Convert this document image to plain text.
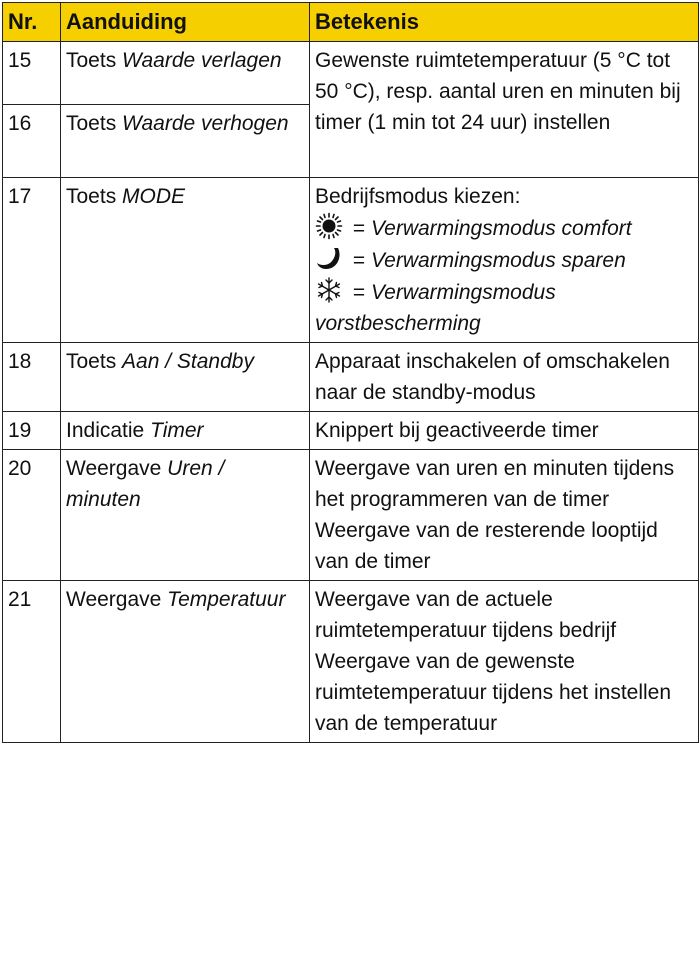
Nr.	Aanduiding	Betekenis
15	Toets Waarde verlagen	Gewenste ruimtetemperatuur (5 °C tot 50 °C), resp. aantal uren en minuten bij timer (1 min tot 24 uur) instellen
16	Toets Waarde verhogen	
17	Toets MODE	Bedrijfsmodus kiezen:
= Verwarmingsmodus comfort
= Verwarmingsmodus sparen
= Verwarmingsmodus vorstbescherming

18	Toets Aan / Standby	Apparaat inschakelen of omschakelen naar de standby-modus
19	Indicatie Timer	Knippert bij geactiveerde timer
20	Weergave Uren / minuten	Weergave van uren en minuten tijdens het programmeren van de timer
Weergave van de resterende looptijd van de timer

21	Weergave Temperatuur	Weergave van de actuele ruimtetemperatuur tijdens bedrijf
Weergave van de gewenste ruimtetemperatuur tijdens het instellen van de temperatuur
